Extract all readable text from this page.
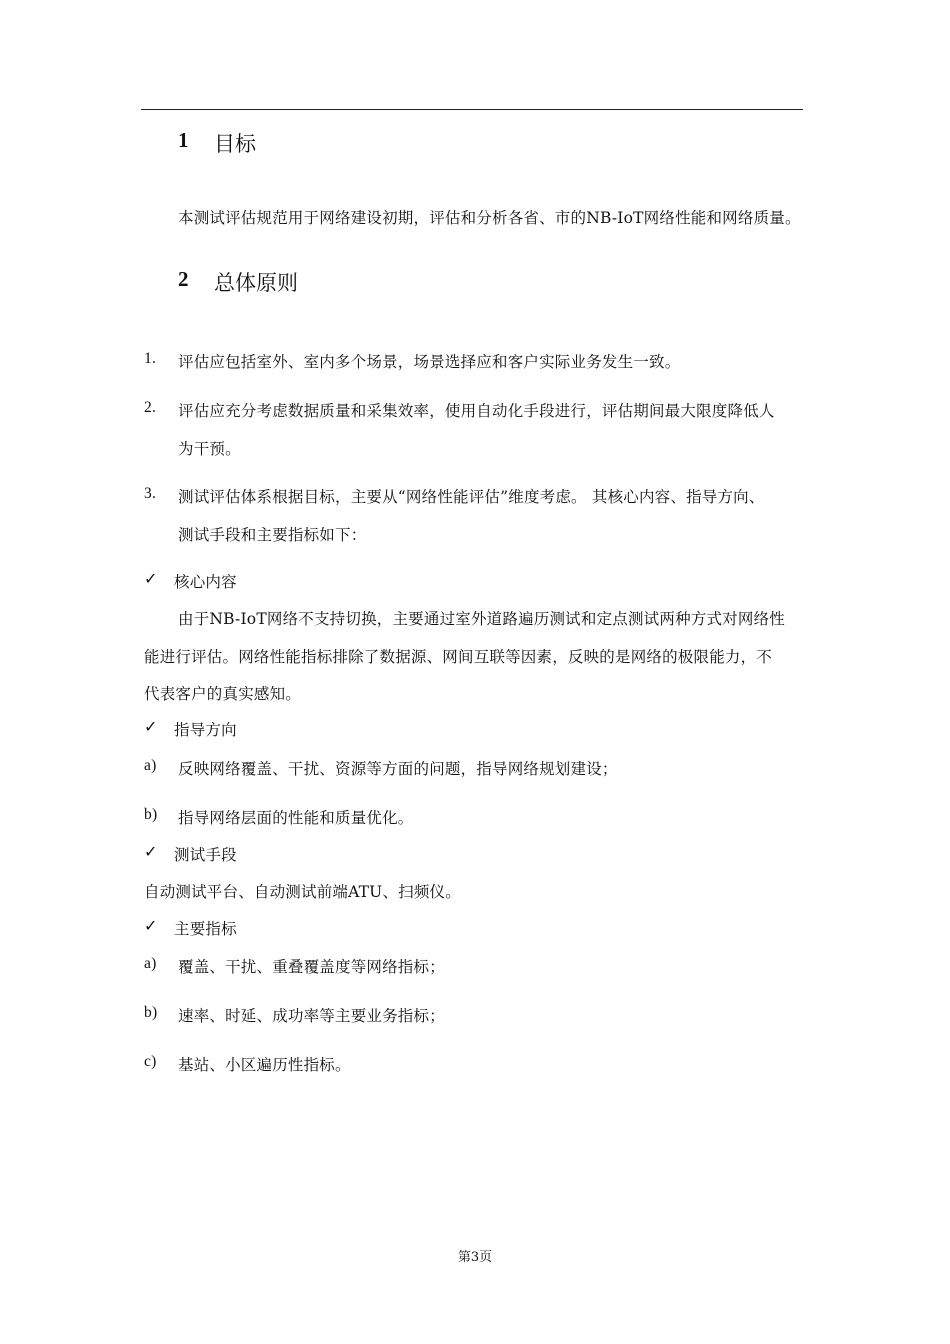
1 目标
本测试评估规范用于网络建设初期，评估和分析各省、市的NB-IoT网络性能和网络质量。
2 总体原则
1. 评估应包括室外、室内多个场景，场景选择应和客户实际业务发生一致。
2. 评估应充分考虑数据质量和采集效率，使用自动化手段进行，评估期间最大限度降低人
为干预。
3. 测试评估体系根据目标，主要从“网络性能评估”维度考虑。 其核心内容、指导方向、
测试手段和主要指标如下：
✓ 核心内容
由于NB-IoT网络不支持切换，主要通过室外道路遍历测试和定点测试两种方式对网络性
能进行评估。网络性能指标排除了数据源、网间互联等因素，反映的是网络的极限能力，不
代表客户的真实感知。
✓ 指导方向
a) 反映网络覆盖、干扰、资源等方面的问题，指导网络规划建设；
b) 指导网络层面的性能和质量优化。
✓ 测试手段
自动测试平台、自动测试前端ATU、扫频仪。
✓ 主要指标
a) 覆盖、干扰、重叠覆盖度等网络指标；
b) 速率、时延、成功率等主要业务指标；
c) 基站、小区遍历性指标。
第3页
